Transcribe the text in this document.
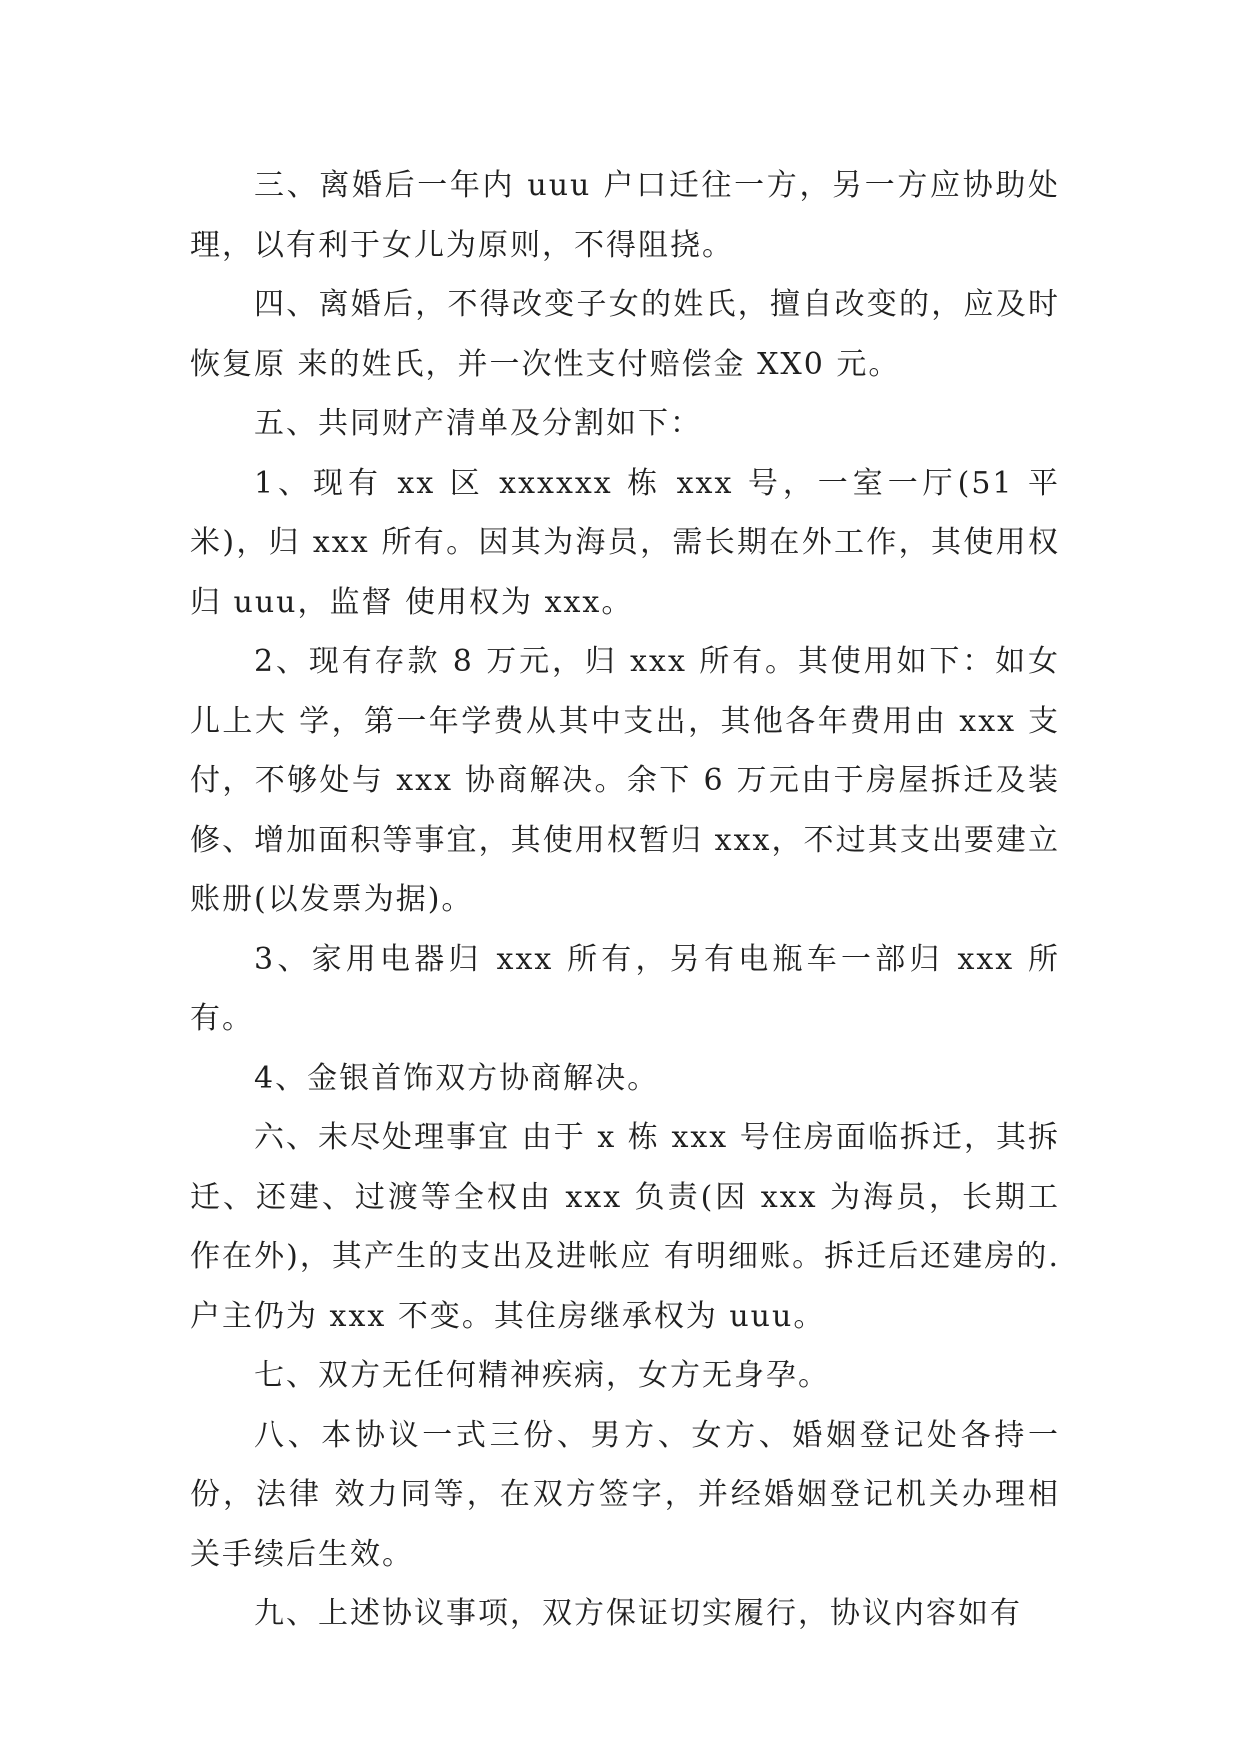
三、离婚后一年内 uuu 户口迁往一方，另一方应协助处理，以有利于女儿为原则，不得阻挠。

四、离婚后，不得改变子女的姓氏，擅自改变的，应及时恢复原 来的姓氏，并一次性支付赔偿金 XX0 元。

五、共同财产清单及分割如下：

1、现有 xx 区 xxxxxx 栋 xxx 号，一室一厅(51 平米)，归 xxx 所有。因其为海员，需长期在外工作，其使用权归 uuu，监督 使用权为 xxx。

2、现有存款 8 万元，归 xxx 所有。其使用如下：如女儿上大 学，第一年学费从其中支出，其他各年费用由 xxx 支付，不够处与 xxx 协商解决。余下 6 万元由于房屋拆迁及装修、增加面积等事宜，其使用权暂归 xxx，不过其支出要建立账册(以发票为据)。

3、家用电器归 xxx 所有，另有电瓶车一部归 xxx 所有。

4、金银首饰双方协商解决。

六、未尽处理事宜 由于 x 栋 xxx 号住房面临拆迁，其拆迁、还建、过渡等全权由 xxx 负责(因 xxx 为海员，长期工作在外)，其产生的支出及进帐应 有明细账。拆迁后还建房的.户主仍为 xxx 不变。其住房继承权为 uuu。

七、双方无任何精神疾病，女方无身孕。

八、本协议一式三份、男方、女方、婚姻登记处各持一份，法律 效力同等，在双方签字，并经婚姻登记机关办理相关手续后生效。

九、上述协议事项，双方保证切实履行，协议内容如有
